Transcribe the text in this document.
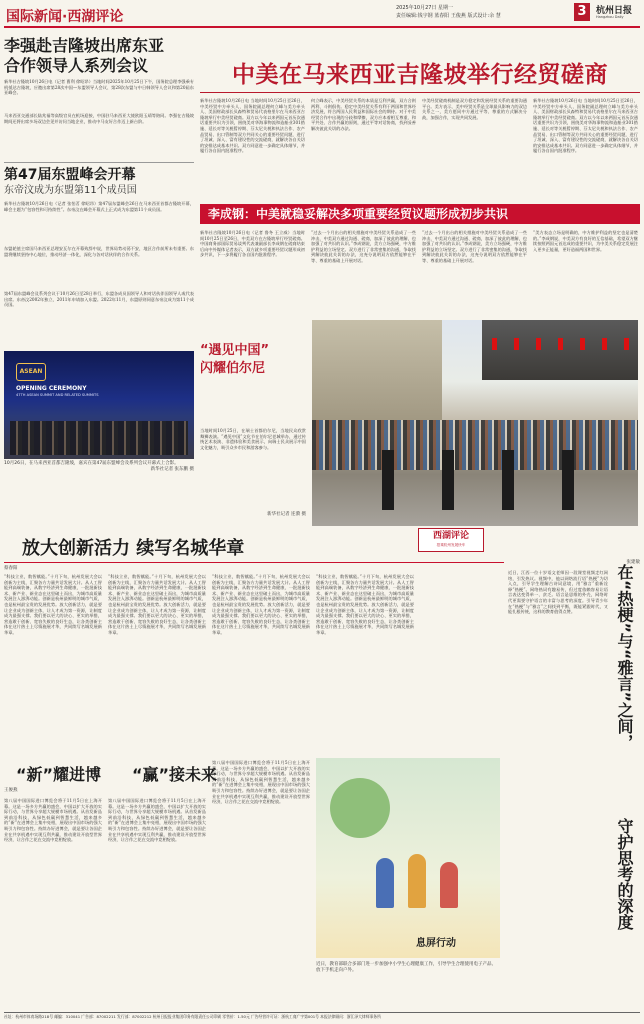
国际新闻·西湖评论
2025年10月27日 星期一
责任编辑:钱宇钢 蓝春阳 王俊燕 版式设计:余 慧	3	杭州日报
Hangzhou Daily
李强赴吉隆坡出席东亚
合作领导人系列会议
新华社吉隆坡10月26日电（记者 曹利 徐昭昂）当地时间2025年10月25日下午，国务院总理李强乘专机抵达吉隆坡，应邀出席第28次中国—东盟领导人会议、第28次东盟与中日韩领导人会议和第20届东亚峰会。
马来西亚交通部长陆兆福等高级官员在机场迎接，中国驻马来西亚大使欧阳玉靖等陪同。李强在吉隆坡期间还将出席多场双边会见并访问当地企业，推动中马友好合作迈上新台阶。
第47届东盟峰会开幕
东帝汶成为东盟第11个成员国
新华社吉隆坡10月26日电（记者 张怡茗 徐昭昂）第47届东盟峰会26日在马来西亚首都吉隆坡开幕，峰会主题为“包容性和可持续性”。东帝汶在峰会开幕式上正式成为东盟第11个成员国。
东盟轮值主席国马来西亚总理安瓦尔在开幕致辞中说，世界局势动荡不安，地区合作前所未有重要。东盟将继续坚持中心地位，推动经济一体化，深化与各对话伙伴的合作关系。
第47届东盟峰会及系列会议于10月26日至28日举行，东盟各成员国领导人和对话伙伴国领导人或代表出席。东帝汶2002年独立，2011年申请加入东盟。2022年11月，东盟原则同意东帝汶成为第11个成员国。
ASEAN
OPENING CEREMONY
47TH ASEAN SUMMIT AND RELATED SUMMITS
10月26日，在马来西亚首都吉隆坡，嘉宾在第47届东盟峰会及系列会议开幕式上合影。
新华社记者 张东鹏 摄
中美在马来西亚吉隆坡举行经贸磋商
新华社吉隆坡10月26日电 当地时间10月25日至26日，中美经贸中方牵头人、国务院副总理何立峰与美方牵头人、美国财政部长贝森特和贸易代表格里尔在马来西亚吉隆坡举行中美经贸磋商。双方以今年以来两国元首历次通话重要共识为引领，围绕美对华海事物流和造船业301措施、延长对等关税暂停期、芬太尼关税和执法合作、农产品贸易、出口管制等双方共同关心的重要经贸问题，进行了坦诚、深入、富有建设性的交流磋商，就解决各自关切的安排达成基本共识。双方同意进一步确定具体细节，并履行各自国内批准程序。
何立峰表示，中美经贸关系的本质是互利共赢，双方合则两利、斗则俱伤。稳定中美经贸关系有利于两国和世界经济发展，符合两国人民利益和国际社会的期待。对于中美经贸合作中出现的分歧和摩擦，双方应本着相互尊重、和平共处、合作共赢的原则，通过平等对话协商，找到妥善解决彼此关切的办法。
中美经贸磋商机制是双方稳定和发展经贸关系的重要沟通平台。美方表示，美中经贸关系是全球最具影响力的双边关系之一，美方愿同中方通过平等、尊重的方式解决分歧，加强合作，实现共同发展。
新华社吉隆坡10月26日电 当地时间10月25日至26日，中美经贸中方牵头人、国务院副总理何立峰与美方牵头人、美国财政部长贝森特和贸易代表格里尔在马来西亚吉隆坡举行中美经贸磋商。双方以今年以来两国元首历次通话重要共识为引领，围绕美对华海事物流和造船业301措施、延长对等关税暂停期、芬太尼关税和执法合作、农产品贸易、出口管制等双方共同关心的重要经贸问题，进行了坦诚、深入、富有建设性的交流磋商，就解决各自关切的安排达成基本共识。双方同意进一步确定具体细节，并履行各自国内批准程序。
李成钢：中美就稳妥解决多项重要经贸议题形成初步共识
新华社吉隆坡10月26日电（记者 鲁冬 王立威）当地时间10月25日至26日，中美双方在吉隆坡举行经贸磋商。中国商务部国际贸易谈判代表兼副部长李成钢在磋商结束后向中外媒体记者表示，双方就多项重要经贸议题形成初步共识，下一步将履行各自国内批准程序。
“过去一个月出台的相关措施对中美经贸关系造成了一些冲击，中美双方通过沟通、磋商，加深了彼此的理解，也加强了对共识的认识。”李成钢说，美方立场强硬，中方维护利益的立场坚定。双方进行了非常密集的沟通，争取找到解决彼此关切的办法，这充分说明双方依然能够在平等、尊重的基础上开展对话。
“过去一个月出台的相关措施对中美经贸关系造成了一些冲击，中美双方通过沟通、磋商，加深了彼此的理解，也加强了对共识的认识。”李成钢说，美方立场强硬，中方维护利益的立场坚定。双方进行了非常密集的沟通，争取找到解决彼此关切的办法，这充分说明双方依然能够在平等、尊重的基础上开展对话。
“美方表态立场是明确的，中方维护利益的坚定也是清楚的。”李成钢说，中美双方有良好的互信基础，希望双方继续按照两国元首达成的重要共识，为中美关系稳定发展注入更多正能量，更好造福两国和世界。
“遇见中国”
闪耀伯尔尼
当地时间10月25日，在瑞士首都伯尔尼，当地民众欣赏舞狮表演。“遇见中国”文化节在伯尔尼老城举办，通过传统艺术表演、非遗体验和美食展示，向瑞士民众展示中国文化魅力，吸引众多市民和游客参与。
新华社记者 连漪 摄
放大创新活力 续写名城华章
西湖评论
搭乘杭州发展快车
蔡春阳
“科技立业，数智赋能。”十月下旬，杭州发展大会以创新为主线，汇聚各方力量共话发展大计。从人工智能到高端装备，从数字经济到生命健康，一批批新技术、新产业、新业态在这里破土而出，为城市高质量发展注入澎湃动能。创新是杭州最鲜明的城市气质，也是杭州最宝贵的发展优势。放大创新活力，就是要让企业成为创新主体，让人才成为第一资源，让制度成为最强支撑。我们要以更大的决心、更实的举措，营造敢于创新、宽容失败的良好生态，让各类创新主体在这片热土上尽情施展才华，共同续写名城发展新华章。
“科技立业，数智赋能。”十月下旬，杭州发展大会以创新为主线，汇聚各方力量共话发展大计。从人工智能到高端装备，从数字经济到生命健康，一批批新技术、新产业、新业态在这里破土而出，为城市高质量发展注入澎湃动能。创新是杭州最鲜明的城市气质，也是杭州最宝贵的发展优势。放大创新活力，就是要让企业成为创新主体，让人才成为第一资源，让制度成为最强支撑。我们要以更大的决心、更实的举措，营造敢于创新、宽容失败的良好生态，让各类创新主体在这片热土上尽情施展才华，共同续写名城发展新华章。
“科技立业，数智赋能。”十月下旬，杭州发展大会以创新为主线，汇聚各方力量共话发展大计。从人工智能到高端装备，从数字经济到生命健康，一批批新技术、新产业、新业态在这里破土而出，为城市高质量发展注入澎湃动能。创新是杭州最鲜明的城市气质，也是杭州最宝贵的发展优势。放大创新活力，就是要让企业成为创新主体，让人才成为第一资源，让制度成为最强支撑。我们要以更大的决心、更实的举措，营造敢于创新、宽容失败的良好生态，让各类创新主体在这片热土上尽情施展才华，共同续写名城发展新华章。
“科技立业，数智赋能。”十月下旬，杭州发展大会以创新为主线，汇聚各方力量共话发展大计。从人工智能到高端装备，从数字经济到生命健康，一批批新技术、新产业、新业态在这里破土而出，为城市高质量发展注入澎湃动能。创新是杭州最鲜明的城市气质，也是杭州最宝贵的发展优势。放大创新活力，就是要让企业成为创新主体，让人才成为第一资源，让制度成为最强支撑。我们要以更大的决心、更实的举措，营造敢于创新、宽容失败的良好生态，让各类创新主体在这片热土上尽情施展才华，共同续写名城发展新华章。
“新”耀进博 “赢”接未来
王俊燕
第八届中国国际进口博览会将于11月5日在上海开幕。这是一场多方共赢的盛会，中国以扩大开放的实际行动，与世界分享超大规模市场机遇。从首发新品到前沿科技，从绿色低碳到智慧生活，越来越多的“新”在进博会上集中亮相，展现出中国市场的强大吸引力和包容性。持续办好进博会，就是要让各国企业在共享机遇中实现互利共赢，推动建设开放型世界经济，让合作之花在交流中竞相绽放。
第八届中国国际进口博览会将于11月5日在上海开幕。这是一场多方共赢的盛会，中国以扩大开放的实际行动，与世界分享超大规模市场机遇。从首发新品到前沿科技，从绿色低碳到智慧生活，越来越多的“新”在进博会上集中亮相，展现出中国市场的强大吸引力和包容性。持续办好进博会，就是要让各国企业在共享机遇中实现互利共赢，推动建设开放型世界经济，让合作之花在交流中竞相绽放。
第八届中国国际进口博览会将于11月5日在上海开幕。这是一场多方共赢的盛会，中国以扩大开放的实际行动，与世界分享超大规模市场机遇。从首发新品到前沿科技，从绿色低碳到智慧生活，越来越多的“新”在进博会上集中亮相，展现出中国市场的强大吸引力和包容性。持续办好进博会，就是要让各国企业在共享机遇中实现互利共赢，推动建设开放型世界经济，让合作之花在交流中竞相绽放。
息屏行动
近日，教育部联合多部门进一步加强中小学生心理健康工作，引导学生合理使用电子产品、放下手机走向户外。
张建敏
近日，江西一位十岁语文老师因一段课堂视频走红网络，引发热议。视频中，他以网络流行语“热梗”为切入点，引导学生理解古诗词意境，用“雅言”重新诠释“热梗”。网络热词有趣易传，但过度依赖容易让语言表达变得单一、贫乏。语言是思维的外壳，网络时代更需要守护语言的丰富与思考的深度。引导青少年在“热梗”与“雅言”之间找到平衡，既能紧跟时代，又能扎根传统，这样的教育值得点赞。	在“热梗”与“雅言”之间，
守护思考的深度
社址：杭州市体育场路218号 邮编：310041 广告部：87002211 发行部：87002212 杭州日报报业集团印务有限责任公司印刷 零售价：1.50元 广告经营许可证：浙杭工商广字第001号 本报法律顾问：浙江泽大律师事务所
